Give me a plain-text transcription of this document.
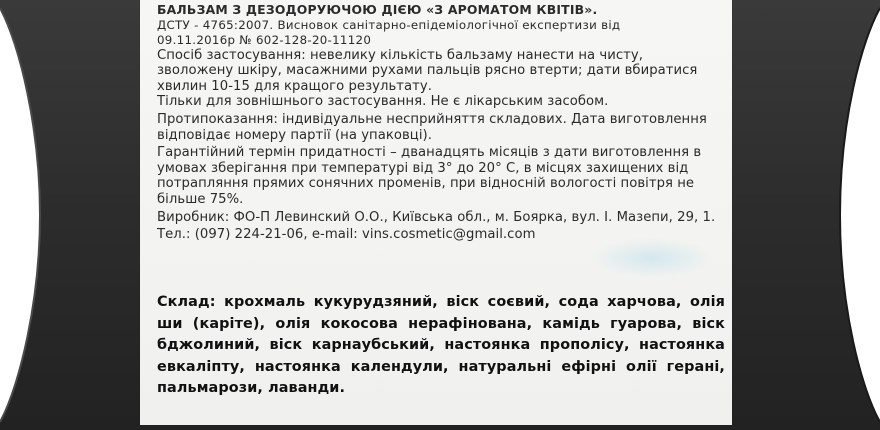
БАЛЬЗАМ З ДЕЗОДОРУЮЧОЮ ДІЄЮ «З АРОМАТОМ КВІТІВ».

ДСТУ - 4765:2007. Висновок санітарно-епідеміологічної експертизи від

09.11.2016р № 602-128-20-11120

Спосіб застосування: невелику кількість бальзаму нанести на чисту, зволожену шкіру, масажними рухами пальців рясно втерти; дати вбиратися хвилин 10-15 для кращого результату.

Тільки для зовнішнього застосування. Не є лікарським засобом.

Протипоказання: індивідуальне несприйняття складових. Дата виготовлення відповідає номеру партії (на упаковці).

Гарантійний термін придатності – дванадцять місяців з дати виготовлення в умовах зберігання при температурі від 3° до 20° С, в місцях захищених від потрапляння прямих сонячних променів, при відносній вологості повітря не більше 75%.

Виробник: ФО-П Левинский О.О., Київська обл., м. Боярка, вул. І. Мазепи, 29, 1.

Тел.: (097) 224-21-06, e-mail: vins.cosmetic@gmail.com

Склад: крохмаль кукурудзяний, віск соєвий, сода харчова, олія ши (каріте), олія кокосова нерафінована, камідь гуарова, віск бджолиний, віск карнаубський, настоянка прополісу, настоянка евкаліпту, настоянка календули, натуральні ефірні олії герані, пальмарози, лаванди.
